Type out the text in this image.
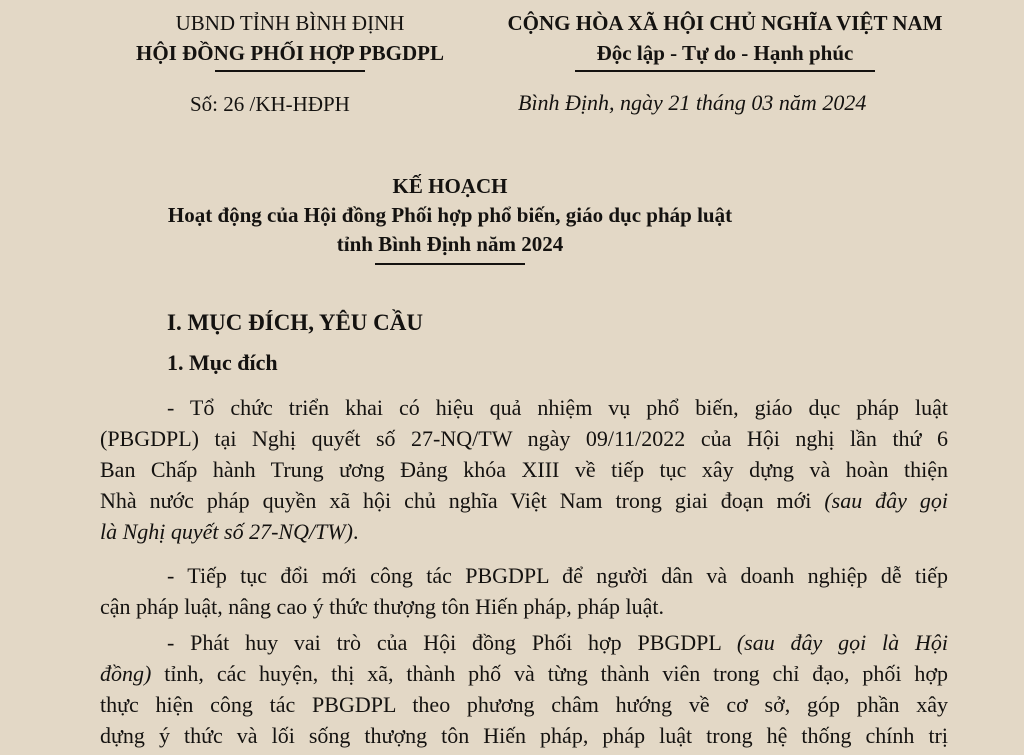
UBND TỈNH BÌNH ĐỊNH
HỘI ĐỒNG PHỐI HỢP PBGDPL
CỘNG HÒA XÃ HỘI CHỦ NGHĨA VIỆT NAM
Độc lập - Tự do - Hạnh phúc
Số: 26 /KH-HĐPH	Bình Định, ngày 21 tháng 03 năm 2024
KẾ HOẠCH
Hoạt động của Hội đồng Phối hợp phổ biến, giáo dục pháp luật
tỉnh Bình Định năm 2024
I. MỤC ĐÍCH, YÊU CẦU
1. Mục đích
- Tổ chức triển khai có hiệu quả nhiệm vụ phổ biến, giáo dục pháp luật
(PBGDPL) tại Nghị quyết số 27-NQ/TW ngày 09/11/2022 của Hội nghị lần thứ 6
Ban Chấp hành Trung ương Đảng khóa XIII về tiếp tục xây dựng và hoàn thiện
Nhà nước pháp quyền xã hội chủ nghĩa Việt Nam trong giai đoạn mới (sau đây gọi
là Nghị quyết số 27-NQ/TW).
- Tiếp tục đổi mới công tác PBGDPL để người dân và doanh nghiệp dễ tiếp
cận pháp luật, nâng cao ý thức thượng tôn Hiến pháp, pháp luật.
- Phát huy vai trò của Hội đồng Phối hợp PBGDPL (sau đây gọi là Hội
đồng) tỉnh, các huyện, thị xã, thành phố và từng thành viên trong chỉ đạo, phối hợp
thực hiện công tác PBGDPL theo phương châm hướng về cơ sở, góp phần xây
dựng ý thức và lối sống thượng tôn Hiến pháp, pháp luật trong hệ thống chính trị
